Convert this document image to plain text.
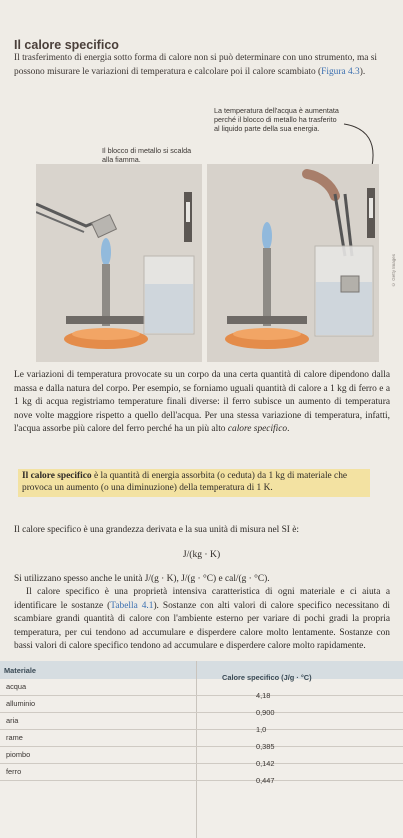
Il calore specifico
Il trasferimento di energia sotto forma di calore non si può determinare con uno strumento, ma si possono misurare le variazioni di temperatura e calcolare poi il calore scambiato (Figura 4.3).
Il blocco di metallo si scalda alla fiamma.
La temperatura dell'acqua è aumentata perché il blocco di metallo ha trasferito al liquido parte della sua energia.
© Getty Images
Le variazioni di temperatura provocate su un corpo da una certa quantità di calore dipendono dalla massa e dalla natura del corpo. Per esempio, se forniamo uguali quantità di calore a 1 kg di ferro e a 1 kg di acqua registriamo temperature finali diverse: il ferro subisce un aumento di temperatura nove volte maggiore rispetto a quello dell'acqua. Per una stessa variazione di temperatura, infatti, l'acqua assorbe più calore del ferro perché ha un più alto calore specifico.
Il calore specifico è la quantità di energia assorbita (o ceduta) da 1 kg di materiale che provoca un aumento (o una diminuzione) della temperatura di 1 K.
Il calore specifico è una grandezza derivata e la sua unità di misura nel SI è:
J/(kg · K)
Si utilizzano spesso anche le unità J/(g · K), J/(g · °C) e cal/(g · °C).
Il calore specifico è una proprietà intensiva caratteristica di ogni materiale e ci aiuta a identificare le sostanze (Tabella 4.1). Sostanze con alti valori di calore specifico necessitano di scambiare grandi quantità di calore con l'ambiente esterno per variare di pochi gradi la propria temperatura, per cui tendono ad accumulare e disperdere calore molto lentamente. Sostanze con bassi valori di calore specifico tendono ad accumulare e disperdere calore molto rapidamente.
Materiale
Calore specifico (J/g · °C)
acqua
4,18
alluminio
0,900
aria
1,0
rame
0,385
piombo
0,142
ferro
0,447
